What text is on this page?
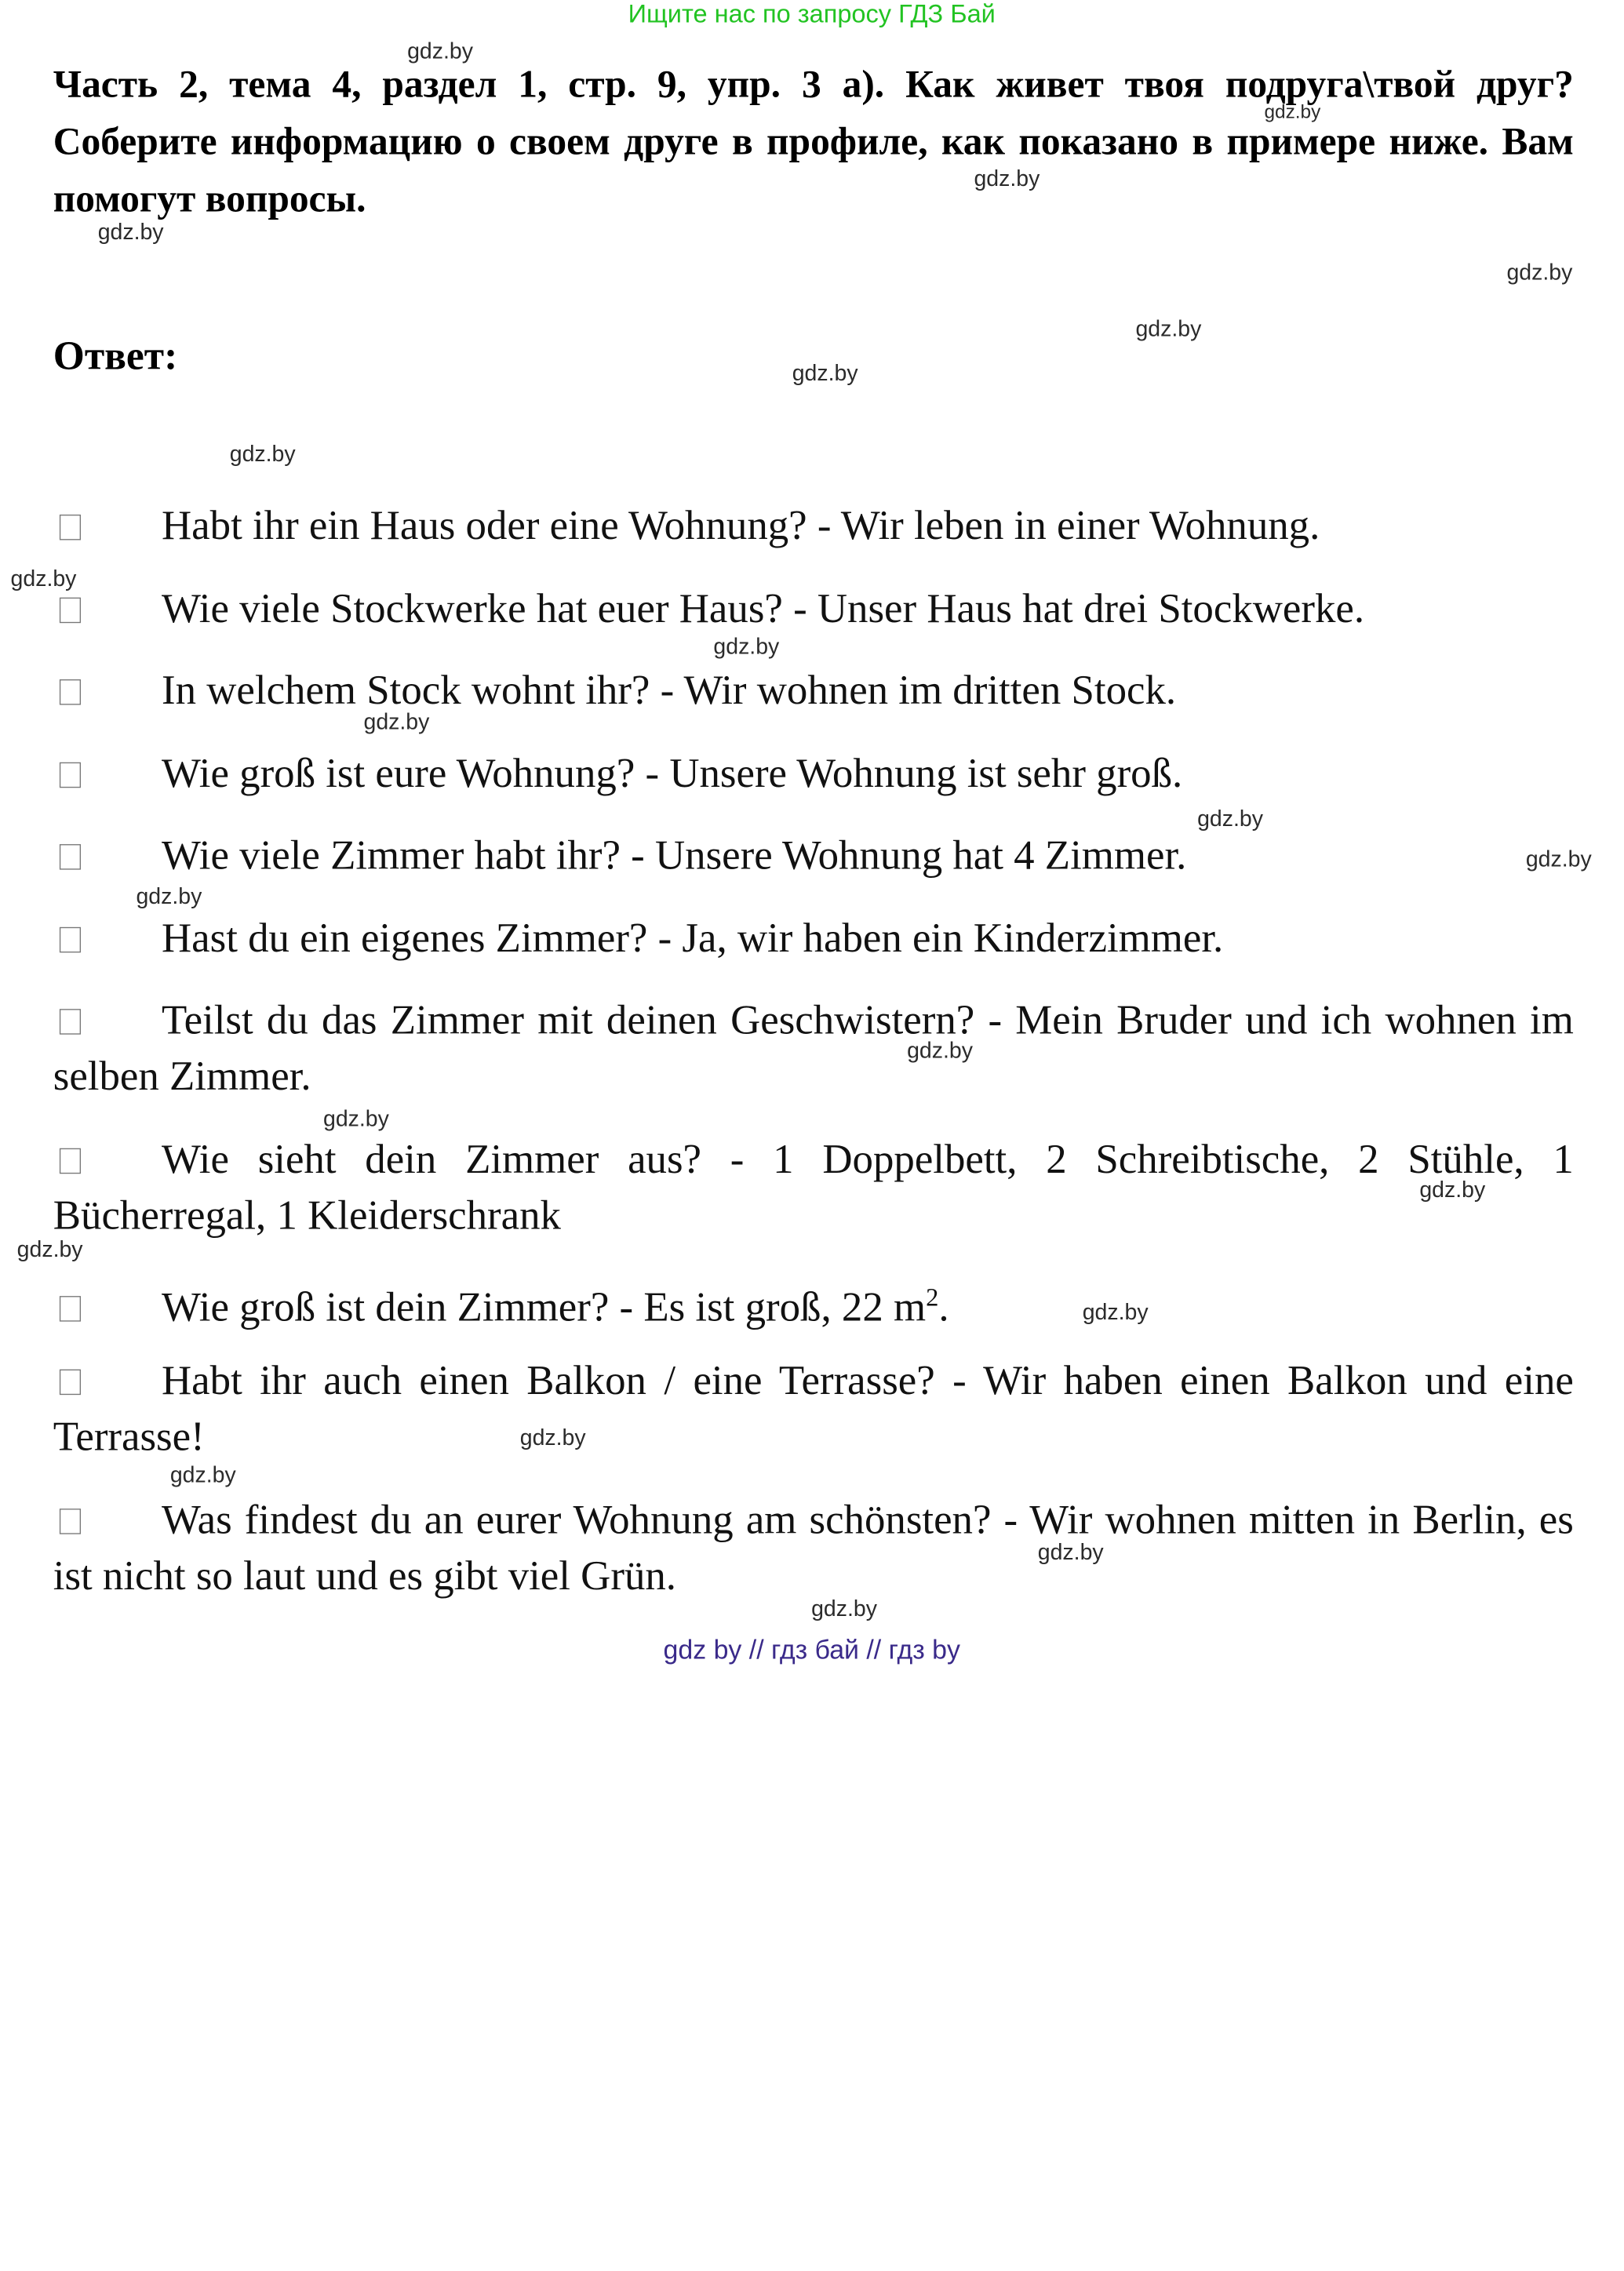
Ищите нас по запросу ГДЗ Бай
Часть 2, тема 4, раздел 1, стр. 9, упр. 3 а). Как живет твоя подруга\твой друг? Соберите информацию о своем друге в профиле, как показано в примере ниже. Вам помогут вопросы.
Ответ:
Habt ihr ein Haus oder eine Wohnung? - Wir leben in einer Wohnung.
Wie viele Stockwerke hat euer Haus? - Unser Haus hat drei Stockwerke.
In welchem Stock wohnt ihr? - Wir wohnen im dritten Stock.
Wie groß ist eure Wohnung? - Unsere Wohnung ist sehr groß.
Wie viele Zimmer habt ihr? - Unsere Wohnung hat 4 Zimmer.
Hast du ein eigenes Zimmer? - Ja, wir haben ein Kinderzimmer.
Teilst du das Zimmer mit deinen Geschwistern? - Mein Bruder und ich wohnen im selben Zimmer.
Wie sieht dein Zimmer aus? - 1 Doppelbett, 2 Schreibtische, 2 Stühle, 1 Bücherregal, 1 Kleiderschrank
Wie groß ist dein Zimmer? - Es ist groß, 22 $m^2$.
Habt ihr auch einen Balkon / eine Terrasse? - Wir haben einen Balkon und eine Terrasse!
Was findest du an eurer Wohnung am schönsten? - Wir wohnen mitten in Berlin, es ist nicht so laut und es gibt viel Grün.
gdz.by
gdz.by
gdz.by
gdz.by
gdz.by
gdz.by
gdz.by
gdz.by
gdz.by
gdz.by
gdz.by
gdz.by
gdz.by
gdz.by
gdz.by
gdz.by
gdz.by
gdz.by
gdz.by
gdz.by
gdz.by
gdz.by
gdz.by
gdz by // гдз бай // гдз by
